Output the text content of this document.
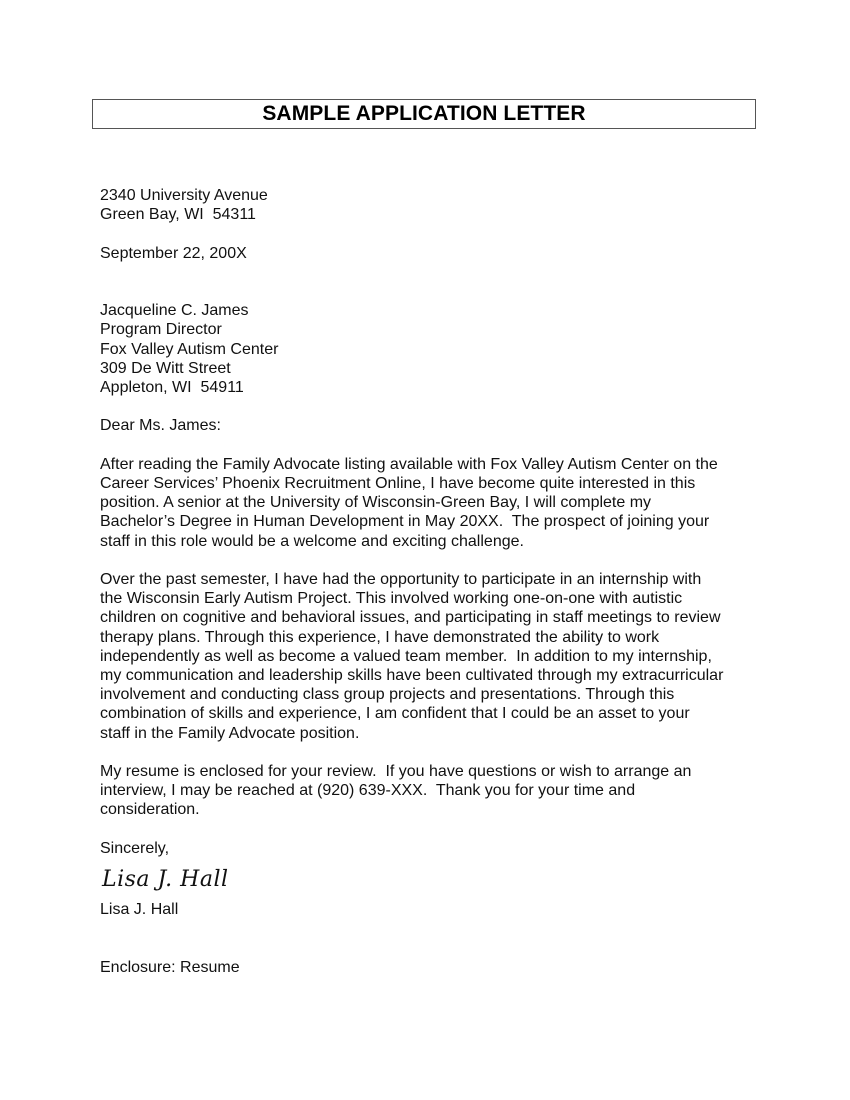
SAMPLE APPLICATION LETTER
2340 University Avenue
Green Bay, WI  54311

September 22, 200X

Jacqueline C. James
Program Director
Fox Valley Autism Center
309 De Witt Street
Appleton, WI  54911

Dear Ms. James:

After reading the Family Advocate listing available with Fox Valley Autism Center on the
Career Services’ Phoenix Recruitment Online, I have become quite interested in this
position. A senior at the University of Wisconsin-Green Bay, I will complete my
Bachelor’s Degree in Human Development in May 20XX.  The prospect of joining your
staff in this role would be a welcome and exciting challenge.
Over the past semester, I have had the opportunity to participate in an internship with
the Wisconsin Early Autism Project. This involved working one-on-one with autistic
children on cognitive and behavioral issues, and participating in staff meetings to review
therapy plans. Through this experience, I have demonstrated the ability to work
independently as well as become a valued team member.  In addition to my internship,
my communication and leadership skills have been cultivated through my extracurricular
involvement and conducting class group projects and presentations. Through this
combination of skills and experience, I am confident that I could be an asset to your
staff in the Family Advocate position.
My resume is enclosed for your review.  If you have questions or wish to arrange an
interview, I may be reached at (920) 639-XXX.  Thank you for your time and
consideration.

Sincerely,

Lisa J. Hall

Lisa J. Hall

Enclosure: Resume
